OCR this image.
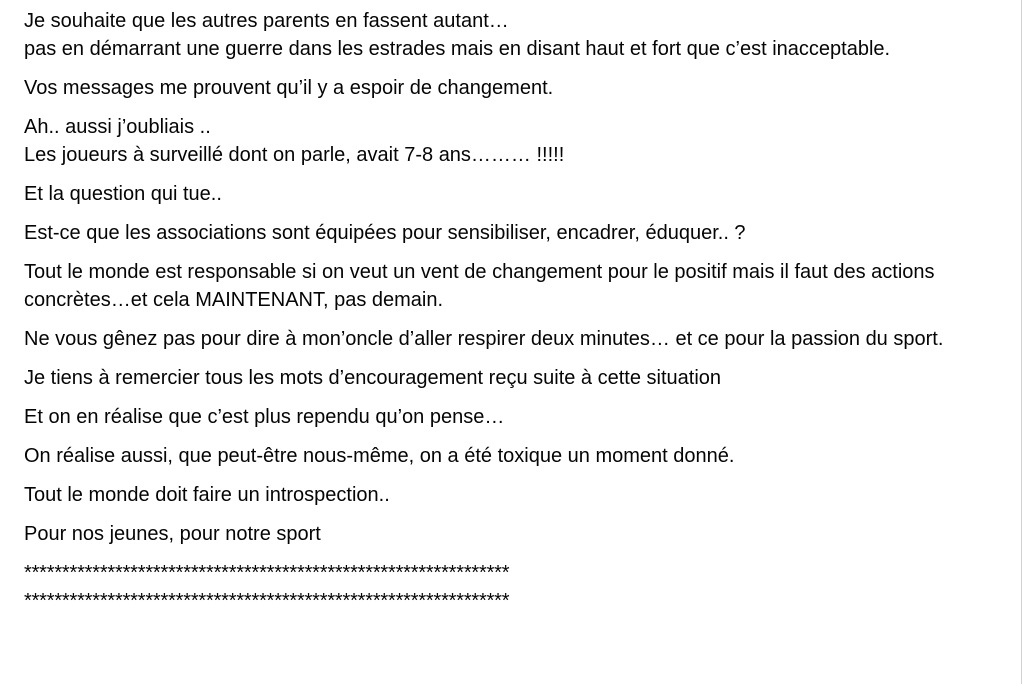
Je souhaite que les autres parents en fassent autant…
pas en démarrant une guerre dans les estrades mais en disant haut et fort que c’est inacceptable.

Vos messages me prouvent qu’il y a espoir de changement.

Ah.. aussi j’oubliais ..
Les joueurs à surveillé dont on parle, avait 7-8 ans……… !!!!!

Et la question qui tue..

Est-ce que les associations sont équipées pour sensibiliser, encadrer, éduquer.. ?

Tout le monde est responsable si on veut un vent de changement pour le positif mais il faut des actions concrètes…et cela MAINTENANT, pas demain.

Ne vous gênez pas pour dire à mon’oncle d’aller respirer deux minutes… et ce pour la passion du sport.

Je tiens à remercier tous les mots d’encouragement reçu suite à cette situation

Et on en réalise que c’est plus rependu qu’on pense…

On réalise aussi, que peut-être nous-même, on a été toxique un moment donné.

Tout le monde doit faire un introspection..

Pour nos jeunes, pour notre sport

****************************************************************

****************************************************************
